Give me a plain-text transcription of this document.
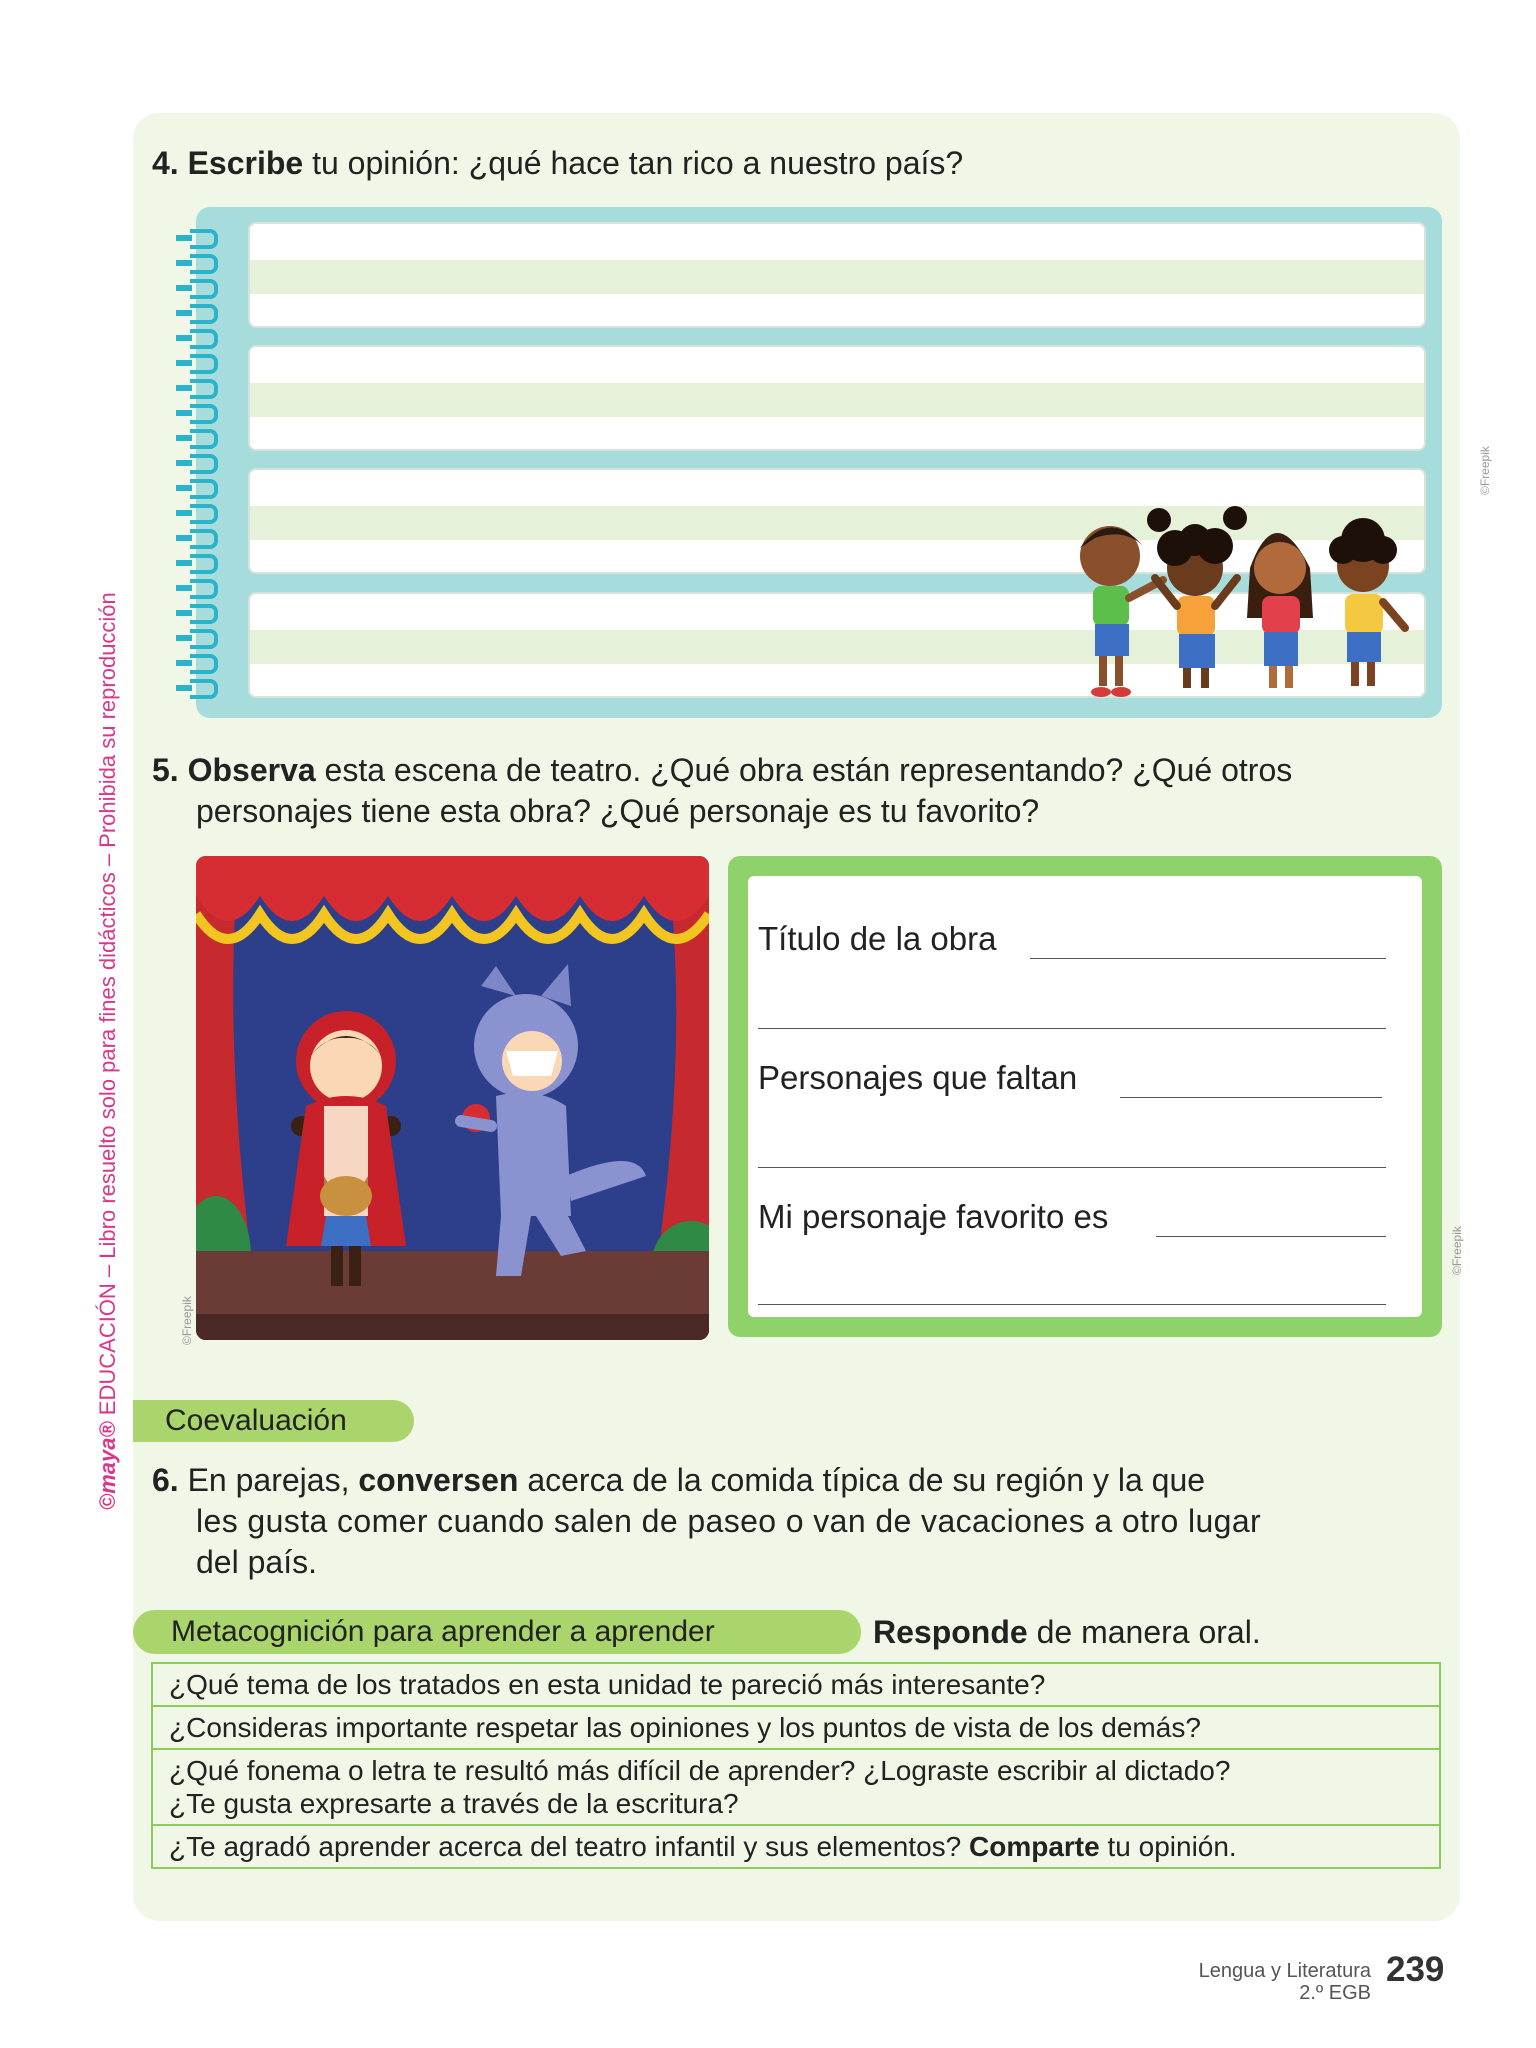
©maya® EDUCACIÓN – Libro resuelto solo para fines didácticos – Prohibida su reproducción
4. Escribe tu opinión: ¿qué hace tan rico a nuestro país?
©Freepik
5. Observa esta escena de teatro. ¿Qué obra están representando? ¿Qué otros
personajes tiene esta obra? ¿Qué personaje es tu favorito?
©Freepik
Título de la obra
Personajes que faltan
Mi personaje favorito es
©Freepik
Coevaluación
6. En parejas, conversen acerca de la comida típica de su región y la que
les gusta comer cuando salen de paseo o van de vacaciones a otro lugar
del país.
Metacognición para aprender a aprender	Responde de manera oral.
¿Qué tema de los tratados en esta unidad te pareció más interesante?
¿Consideras importante respetar las opiniones y los puntos de vista de los demás?
¿Qué fonema o letra te resultó más difícil de aprender? ¿Lograste escribir al dictado?
¿Te gusta expresarte a través de la escritura?
¿Te agradó aprender acerca del teatro infantil y sus elementos? Comparte tu opinión.
Lengua y Literatura
2.º EGB
239
